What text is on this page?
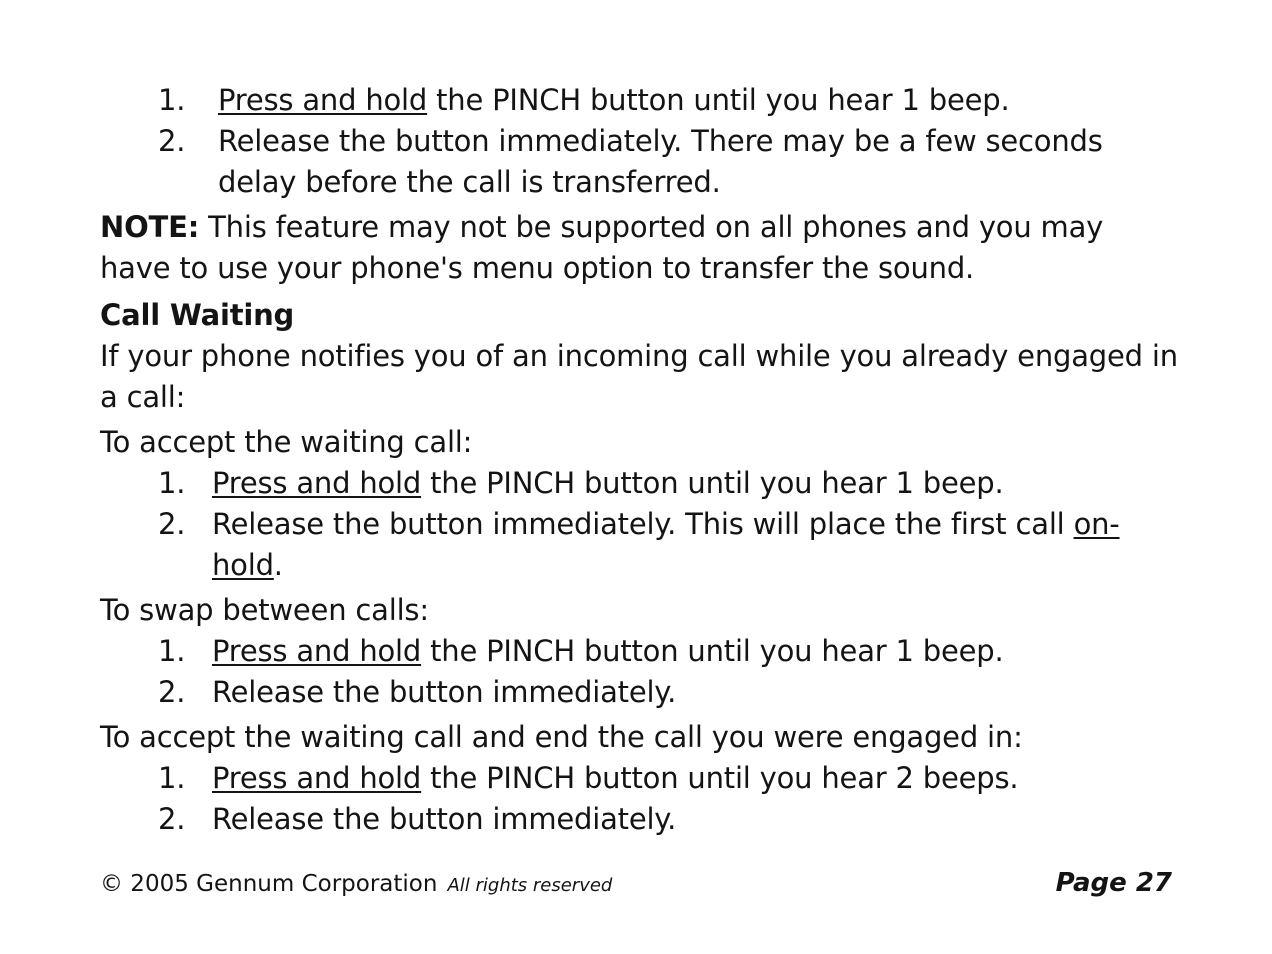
1. Press and hold the PINCH button until you hear 1 beep.
2. Release the button immediately. There may be a few seconds delay before the call is transferred.

NOTE: This feature may not be supported on all phones and you may have to use your phone's menu option to transfer the sound.

Call Waiting

If your phone notifies you of an incoming call while you already engaged in a call:

To accept the waiting call:

1. Press and hold the PINCH button until you hear 1 beep.
2. Release the button immediately. This will place the first call on-hold.

To swap between calls:

1. Press and hold the PINCH button until you hear 1 beep.
2. Release the button immediately.

To accept the waiting call and end the call you were engaged in:

1. Press and hold the PINCH button until you hear 2 beeps.
2. Release the button immediately.
© 2005 Gennum Corporation All rights reserved	Page 27
